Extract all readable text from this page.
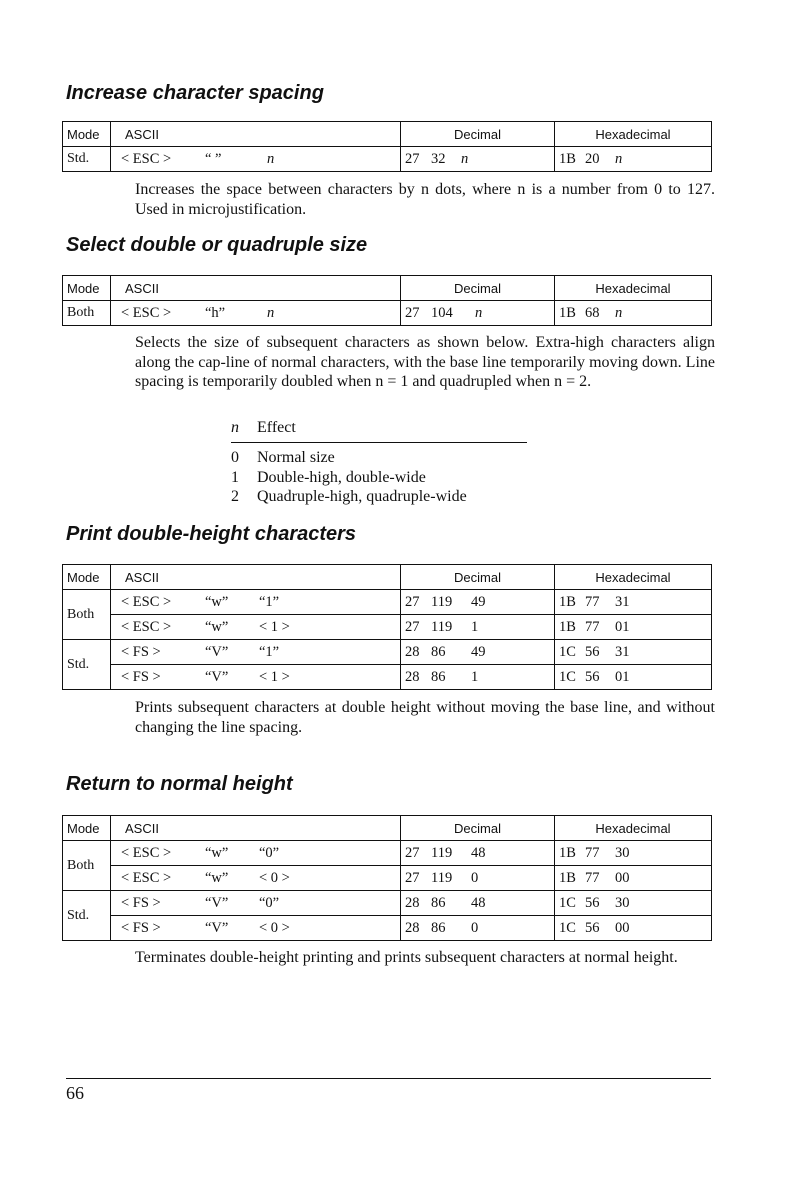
Increase character spacing
Mode	ASCII	Decimal	Hexadecimal
Std.	< ESC > “ ” n	27 32 n	1B 20 n

Increases the space between characters by n dots, where n is a number from 0 to 127. Used in microjustification.

Select double or quadruple size
Mode	ASCII	Decimal	Hexadecimal
Both	< ESC > “h” n	27 104 n	1B 68 n

Selects the size of subsequent characters as shown below. Extra-high characters align along the cap-line of normal characters, with the base line temporarily moving down. Line spacing is temporarily doubled when n = 1 and quadrupled when n = 2.

n Effect
0 Normal size
1 Double-high, double-wide
2 Quadruple-high, quadruple-wide
Print double-height characters
Mode	ASCII	Decimal	Hexadecimal
Both	< ESC > “w” “1”	27 119 49	1B 77 31
	< ESC > “w” < 1 >	27 119 1	1B 77 01
Std.	< FS > “V” “1”	28 86 49	1C 56 31
	< FS > “V” < 1 >	28 86 1	1C 56 01

Prints subsequent characters at double height without moving the base line, and without changing the line spacing.

Return to normal height
Mode	ASCII	Decimal	Hexadecimal
Both	< ESC > “w” “0”	27 119 48	1B 77 30
	< ESC > “w” < 0 >	27 119 0	1B 77 00
Std.	< FS > “V” “0”	28 86 48	1C 56 30
	< FS > “V” < 0 >	28 86 0	1C 56 00

Terminates double-height printing and prints subsequent characters at normal height.

66
